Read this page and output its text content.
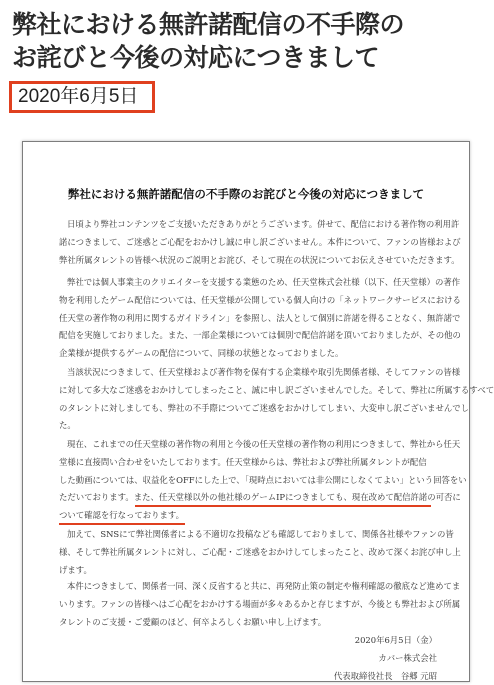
弊社における無許諾配信の不手際の
お詫びと今後の対応につきまして
2020年6月5日
弊社における無許諾配信の不手際のお詫びと今後の対応につきまして
日頃より弊社コンテンツをご支援いただきありがとうございます。併せて、配信における著作物の利用許
諾につきまして、ご迷惑とご心配をおかけし誠に申し訳ございません。本件について、ファンの皆様および
弊社所属タレントの皆様へ状況のご説明とお詫び、そして現在の状況についてお伝えさせていただきます。
弊社では個人事業主のクリエイターを支援する業態のため、任天堂株式会社様（以下、任天堂様）の著作
物を利用したゲーム配信については、任天堂様が公開している個人向けの「ネットワークサービスにおける
任天堂の著作物の利用に関するガイドライン」を参照し、法人として個別に許諾を得ることなく、無許諾で
配信を実施しておりました。また、一部企業様については個別で配信許諾を頂いておりましたが、その他の
企業様が提供するゲームの配信について、同様の状態となっておりました。
当該状況につきまして、任天堂様および著作物を保有する企業様や取引先関係者様、そしてファンの皆様
に対して多大なご迷惑をおかけしてしまったこと、誠に申し訳ございませんでした。そして、弊社に所属するすべて
のタレントに対しましても、弊社の不手際についてご迷惑をおかけしてしまい、大変申し訳ございませんでし
た。
現在、これまでの任天堂様の著作物の利用と今後の任天堂様の著作物の利用につきまして、弊社から任天
堂様に直接問い合わせをいたしております。任天堂様からは、弊社および弊社所属タレントが配信
した動画については、収益化をOFFにした上で、「現時点においては非公開にしなくてよい」という回答をい
ただいております。また、任天堂様以外の他社様のゲームIPにつきましても、現在改めて配信許諾の可否に
ついて確認を行なっております。
加えて、SNSにて弊社関係者による不適切な投稿なども確認しておりまして、関係各社様やファンの皆
様、そして弊社所属タレントに対し、ご心配・ご迷惑をおかけしてしまったこと、改めて深くお詫び申し上
げます。
本件につきまして、関係者一同、深く反省すると共に、再発防止策の制定や権利確認の徹底など進めてま
いります。ファンの皆様へはご心配をおかけする場面が多々あるかと存じますが、今後とも弊社および所属
タレントのご支援・ご愛顧のほど、何卒よろしくお願い申し上げます。
2020年6月5日（金）
カバー株式会社
代表取締役社長　谷郷 元昭
